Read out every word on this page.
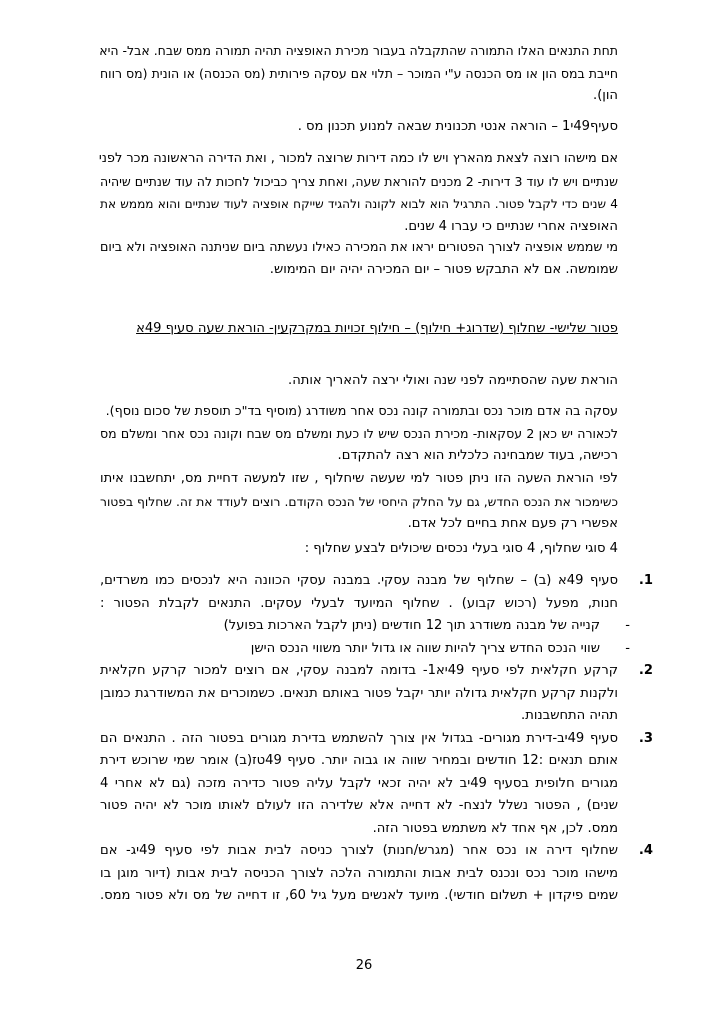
תחת התנאים האלו התמורה שהתקבלה בעבור מכירת האופציה תהיה תמורה ממס שבח. אבל- היא
חייבת במס הון או מס הכנסה ע"י המוכר – תלוי אם עסקה פירותית (מס הכנסה) או הונית (מס רווח
הון).
סעיף49י1 – הוראה אנטי תכנונית שבאה למנוע תכנון מס .
אם מישהו רוצה לצאת מהארץ ויש לו כמה דירות שרוצה למכור , ואת הדירה הראשונה מכר לפני
שנתיים ויש לו עוד 3 דירות- 2 מכנים להוראת שעה, ואחת צריך כביכול לחכות לה עוד שנתיים שיהיה
4 שנים כדי לקבל פטור. התרגיל הוא לבוא לקונה ולהגיד שייקח אופציה לעוד שנתיים והוא מממש את
האופציה אחרי שנתיים כי עברו 4 שנים.
מי שממש אופציה לצורך הפטורים יראו את המכירה כאילו נעשתה ביום שניתנה האופציה ולא ביום
שמומשה. אם לא התבקש פטור – יום המכירה יהיה יום המימוש.
פטור שלישי- שחלוף (שדרוג+ חילוף) – חילוף זכויות במקרקעין- הוראת שעה סעיף 49א
הוראת שעה שהסתיימה לפני שנה ואולי ירצה להאריך אותה.
עסקה בה אדם מוכר נכס ובתמורה קונה נכס אחר משודרג (מוסיף בד"כ תוספת של סכום נוסף).
לכאורה יש כאן 2 עסקאות- מכירת הנכס שיש לו כעת ומשלם מס שבח וקונה נכס אחר ומשלם מס
רכישה, בעוד שמבחינה כלכלית הוא רצה להתקדם.
לפי הוראת השעה הזו ניתן פטור למי שעשה שיחלוף , שזו למעשה דחיית מס, יתחשבנו איתו
כשימכור את הנכס החדש, גם על החלק היחסי של הנכס הקודם. רוצים לעודד את זה. שחלוף בפטור
אפשרי רק פעם אחת בחיים לכל אדם.
4 סוגי שחלוף, 4 סוגי בעלי נכסים שיכולים לבצע שחלוף :
1.
סעיף 49א (ב) – שחלוף של מבנה עסקי. במבנה עסקי הכוונה היא לנכסים כמו משרדים,
חנות, מפעל (רכוש קבוע) . שחלוף המיועד לבעלי עסקים. התנאים לקבלת הפטור :
-
קנייה של מבנה משודרג תוך 12 חודשים (ניתן לקבל הארכות בפועל)
-
שווי הנכס החדש צריך להיות שווה או גדול יותר משווי הנכס הישן
2.
קרקע חקלאית לפי סעיף 49יא1- בדומה למבנה עסקי, אם רוצים למכור קרקע חקלאית
ולקנות קרקע חקלאית גדולה יותר יקבל פטור באותם תנאים. כשמוכרים את המשודרגת כמובן
תהיה התחשבנות.
3.
סעיף 49יב-דירת מגורים- בגדול אין צורך להשתמש בדירת מגורים בפטור הזה . התנאים הם
אותם תנאים :12 חודשים ובמחיר שווה או גבוה יותר. סעיף 49טז(ב) אומר שמי שרוכש דירת
מגורים חלופית בסעיף 49יב לא יהיה זכאי לקבל עליה פטור כדירה מזכה (גם לא אחרי 4
שנים) , הפטור נשלל לנצח- לא דחייה אלא שלדירה הזו לעולם לאותו מוכר לא יהיה פטור
ממס. לכן, אף אחד לא משתמש בפטור הזה.
4.
שחלוף דירה או נכס אחר (מגרש/חנות) לצורך כניסה לבית אבות לפי סעיף 49יג- אם
מישהו מוכר נכס ונכנס לבית אבות והתמורה הלכה לצורך הכניסה לבית אבות (דיור מוגן בו
שמים פיקדון + תשלום חודשי). מיועד לאנשים מעל גיל 60, זו דחייה של מס ולא פטור ממס.
26
